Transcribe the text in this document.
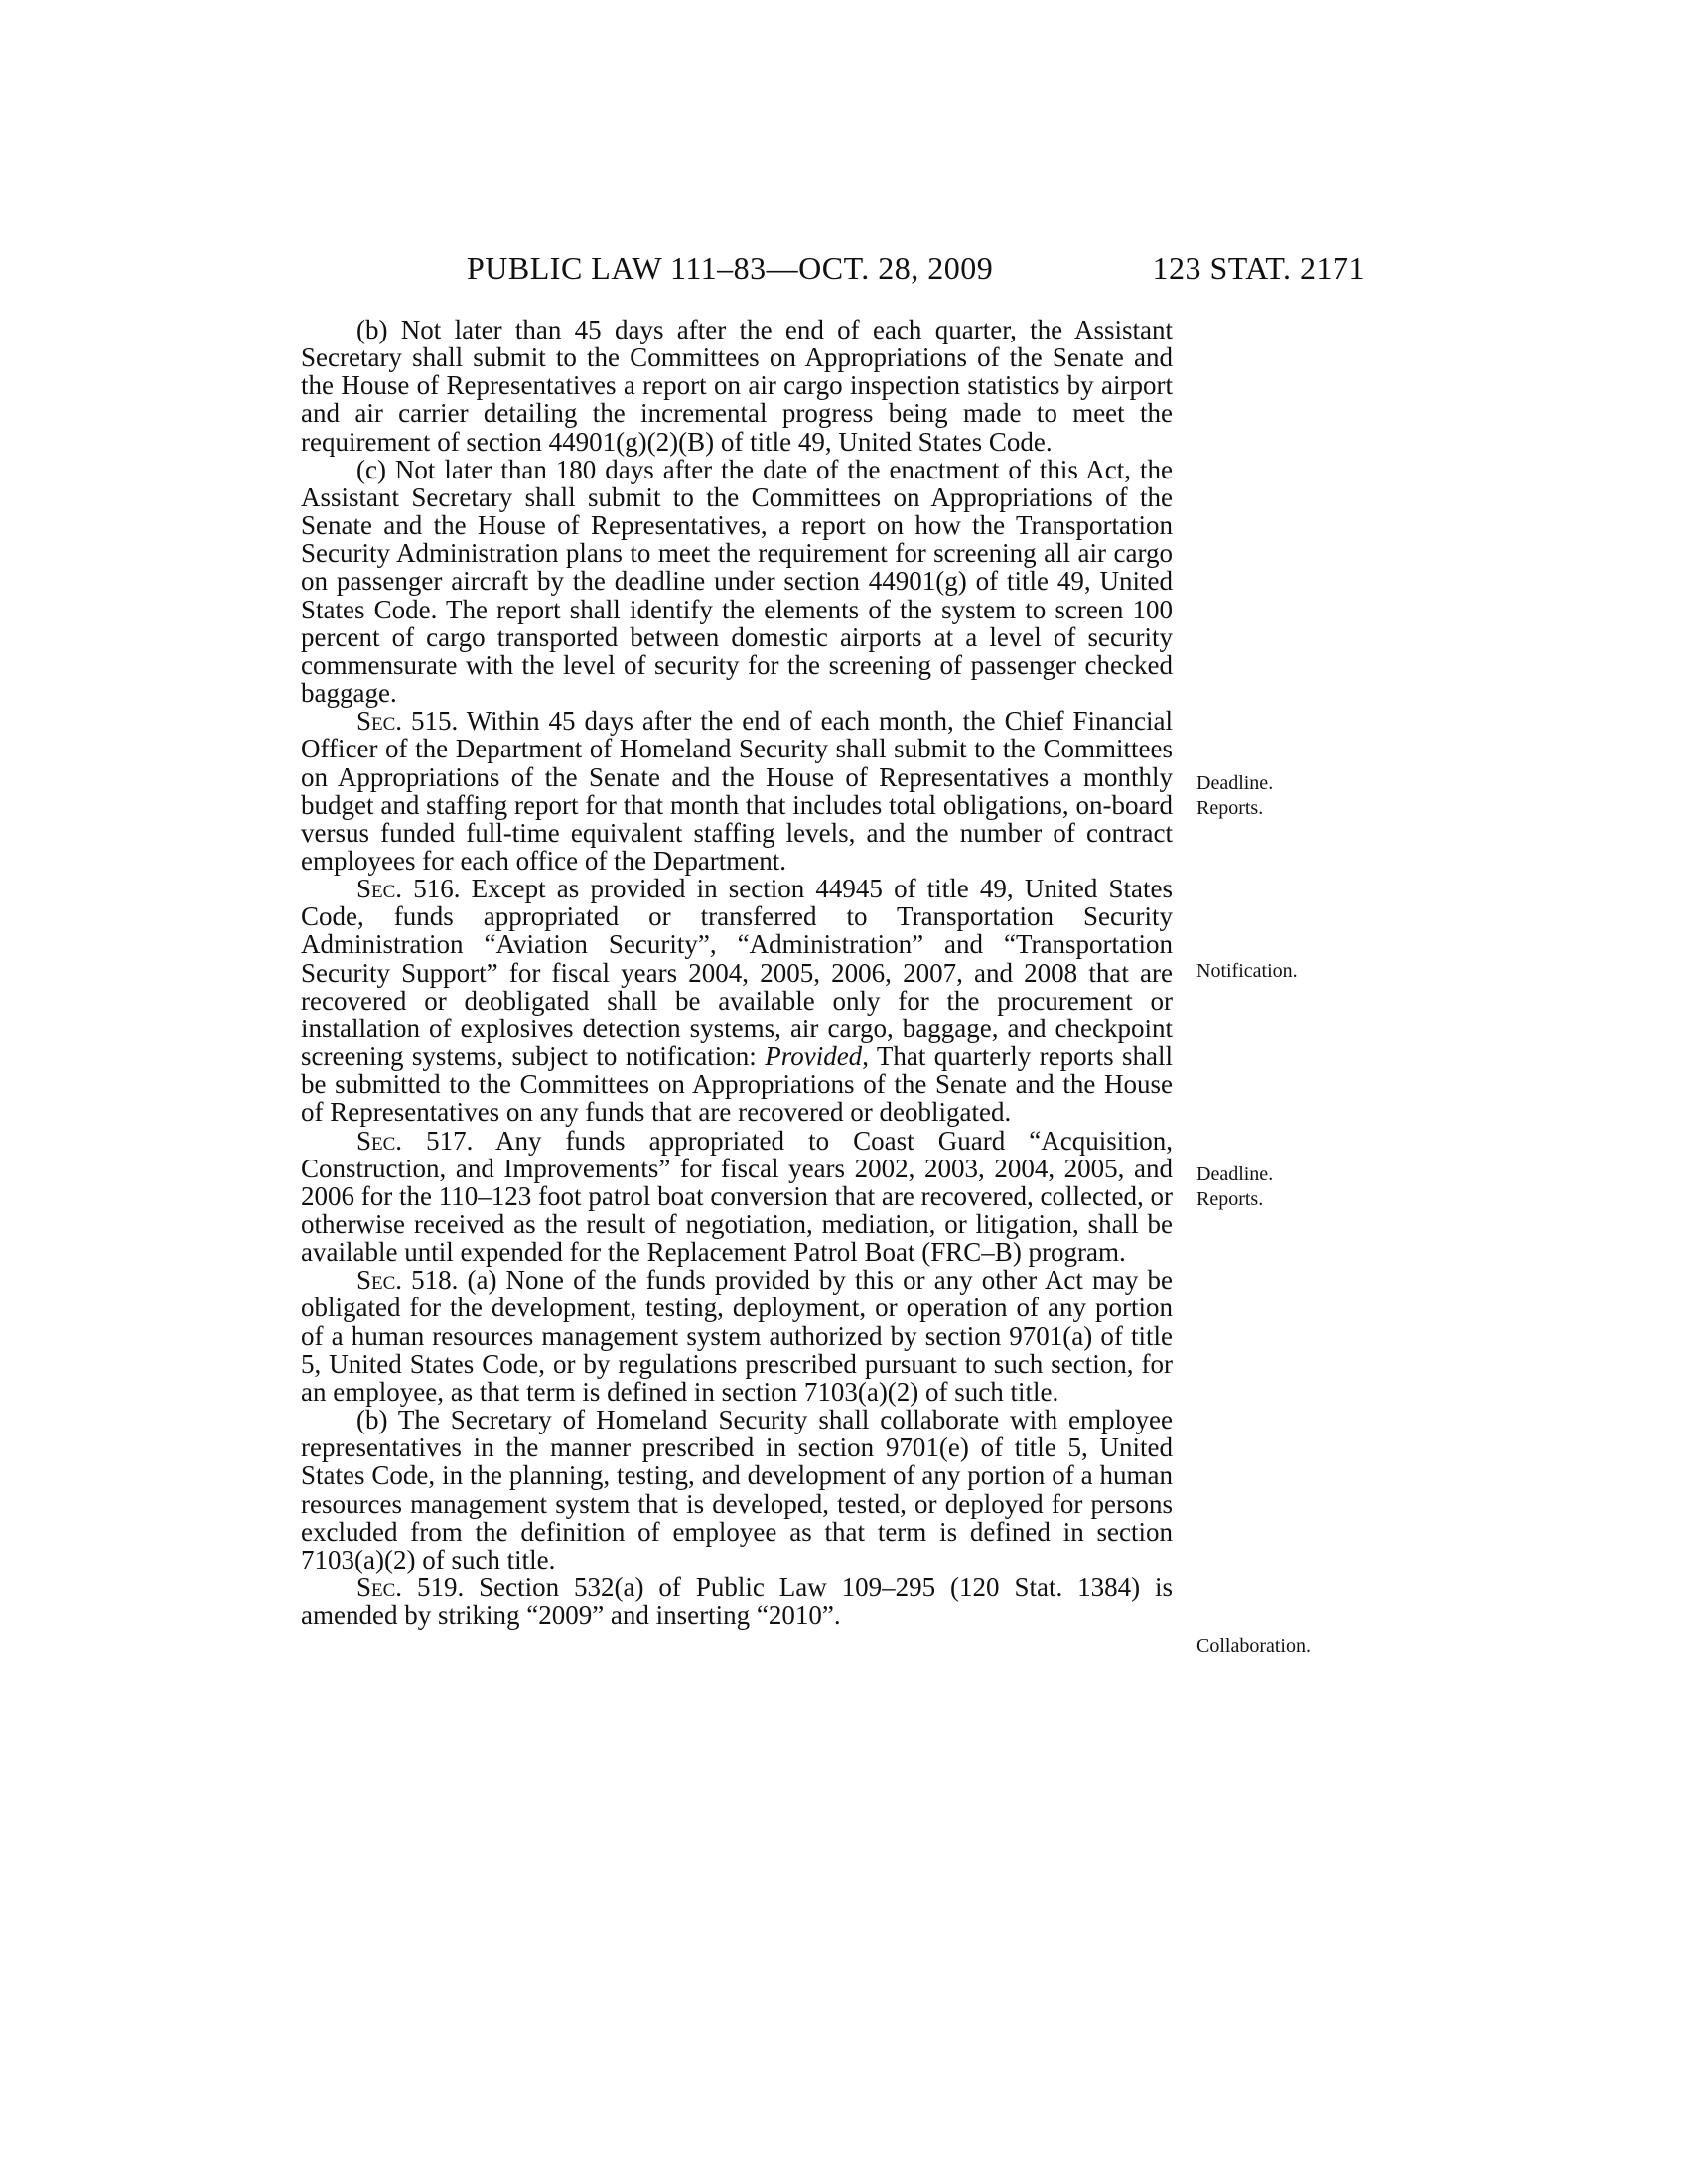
PUBLIC LAW 111–83—OCT. 28, 2009	123 STAT. 2171

(b) Not later than 45 days after the end of each quarter, the Assistant Secretary shall submit to the Committees on Appropriations of the Senate and the House of Representatives a report on air cargo inspection statistics by airport and air carrier detailing the incremental progress being made to meet the requirement of section 44901(g)(2)(B) of title 49, United States Code.

(c) Not later than 180 days after the date of the enactment of this Act, the Assistant Secretary shall submit to the Committees on Appropriations of the Senate and the House of Representatives, a report on how the Transportation Security Administration plans to meet the requirement for screening all air cargo on passenger aircraft by the deadline under section 44901(g) of title 49, United States Code. The report shall identify the elements of the system to screen 100 percent of cargo transported between domestic airports at a level of security commensurate with the level of security for the screening of passenger checked baggage.

Sec. 515. Within 45 days after the end of each month, the Chief Financial Officer of the Department of Homeland Security shall submit to the Committees on Appropriations of the Senate and the House of Representatives a monthly budget and staffing report for that month that includes total obligations, on-board versus funded full-time equivalent staffing levels, and the number of contract employees for each office of the Department.

Sec. 516. Except as provided in section 44945 of title 49, United States Code, funds appropriated or transferred to Transportation Security Administration “Aviation Security”, “Administration” and “Transportation Security Support” for fiscal years 2004, 2005, 2006, 2007, and 2008 that are recovered or deobligated shall be available only for the procurement or installation of explosives detection systems, air cargo, baggage, and checkpoint screening systems, subject to notification: Provided, That quarterly reports shall be submitted to the Committees on Appropriations of the Senate and the House of Representatives on any funds that are recovered or deobligated.

Sec. 517. Any funds appropriated to Coast Guard “Acquisition, Construction, and Improvements” for fiscal years 2002, 2003, 2004, 2005, and 2006 for the 110–123 foot patrol boat conversion that are recovered, collected, or otherwise received as the result of negotiation, mediation, or litigation, shall be available until expended for the Replacement Patrol Boat (FRC–B) program.

Sec. 518. (a) None of the funds provided by this or any other Act may be obligated for the development, testing, deployment, or operation of any portion of a human resources management system authorized by section 9701(a) of title 5, United States Code, or by regulations prescribed pursuant to such section, for an employee, as that term is defined in section 7103(a)(2) of such title.

(b) The Secretary of Homeland Security shall collaborate with employee representatives in the manner prescribed in section 9701(e) of title 5, United States Code, in the planning, testing, and development of any portion of a human resources management system that is developed, tested, or deployed for persons excluded from the definition of employee as that term is defined in section 7103(a)(2) of such title.

Sec. 519. Section 532(a) of Public Law 109–295 (120 Stat. 1384) is amended by striking “2009” and inserting “2010”.

Deadline.
Reports.
Notification.
Deadline.
Reports.
Collaboration.
